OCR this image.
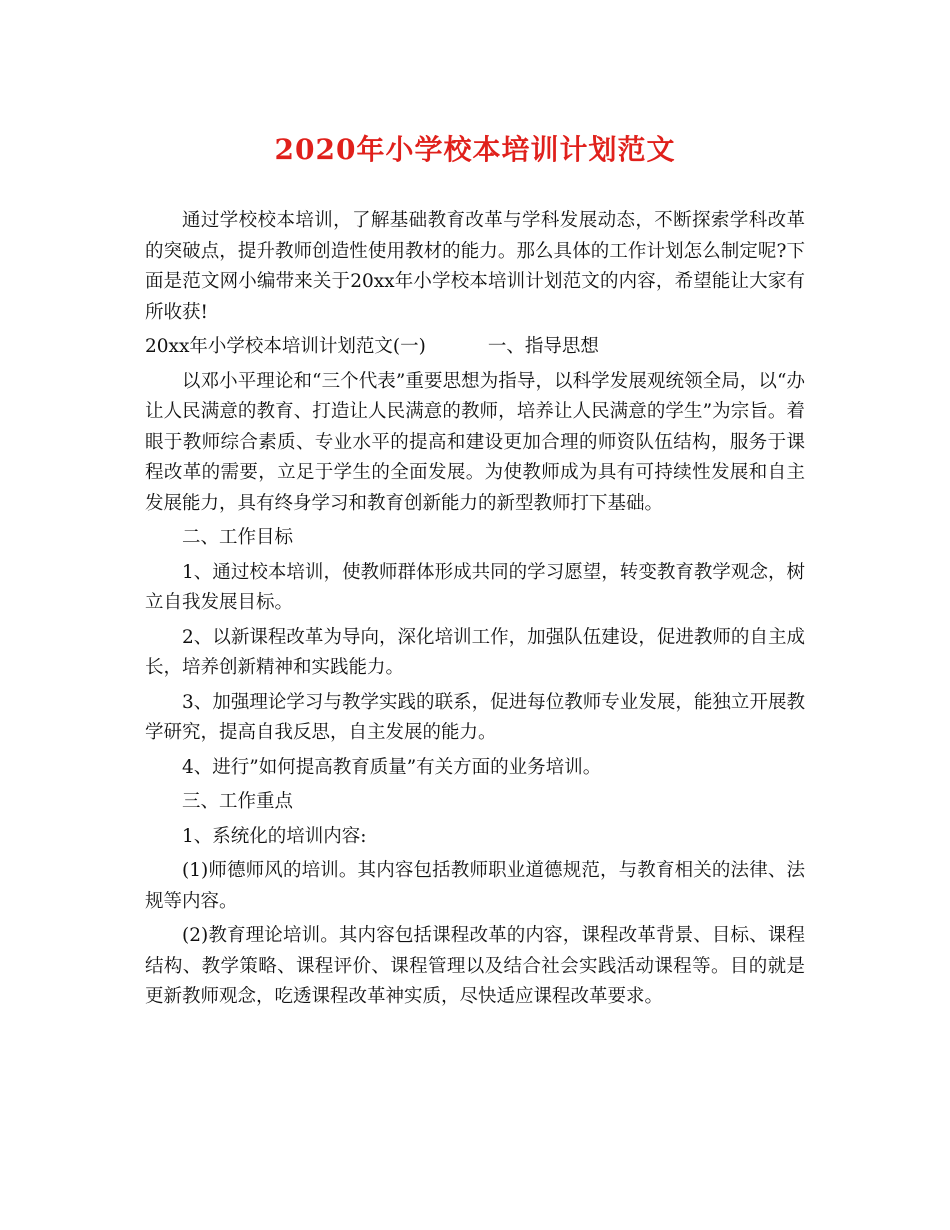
2020年小学校本培训计划范文

通过学校校本培训，了解基础教育改革与学科发展动态，不断探索学科改革的突破点，提升教师创造性使用教材的能力。那么具体的工作计划怎么制定呢?下面是范文网小编带来关于20xx年小学校本培训计划范文的内容，希望能让大家有所收获!

20xx年小学校本培训计划范文(一)	一、指导思想

以邓小平理论和“三个代表”重要思想为指导，以科学发展观统领全局，以“办让人民满意的教育、打造让人民满意的教师，培养让人民满意的学生”为宗旨。着眼于教师综合素质、专业水平的提高和建设更加合理的师资队伍结构，服务于课程改革的需要，立足于学生的全面发展。为使教师成为具有可持续性发展和自主发展能力，具有终身学习和教育创新能力的新型教师打下基础。

二、工作目标

1、通过校本培训，使教师群体形成共同的学习愿望，转变教育教学观念，树立自我发展目标。

2、以新课程改革为导向，深化培训工作，加强队伍建设，促进教师的自主成长，培养创新精神和实践能力。

3、加强理论学习与教学实践的联系，促进每位教师专业发展，能独立开展教学研究，提高自我反思，自主发展的能力。

4、进行”如何提高教育质量”有关方面的业务培训。

三、工作重点

1、系统化的培训内容:

(1)师德师风的培训。其内容包括教师职业道德规范，与教育相关的法律、法规等内容。

(2)教育理论培训。其内容包括课程改革的内容，课程改革背景、目标、课程结构、教学策略、课程评价、课程管理以及结合社会实践活动课程等。目的就是更新教师观念，吃透课程改革神实质，尽快适应课程改革要求。
